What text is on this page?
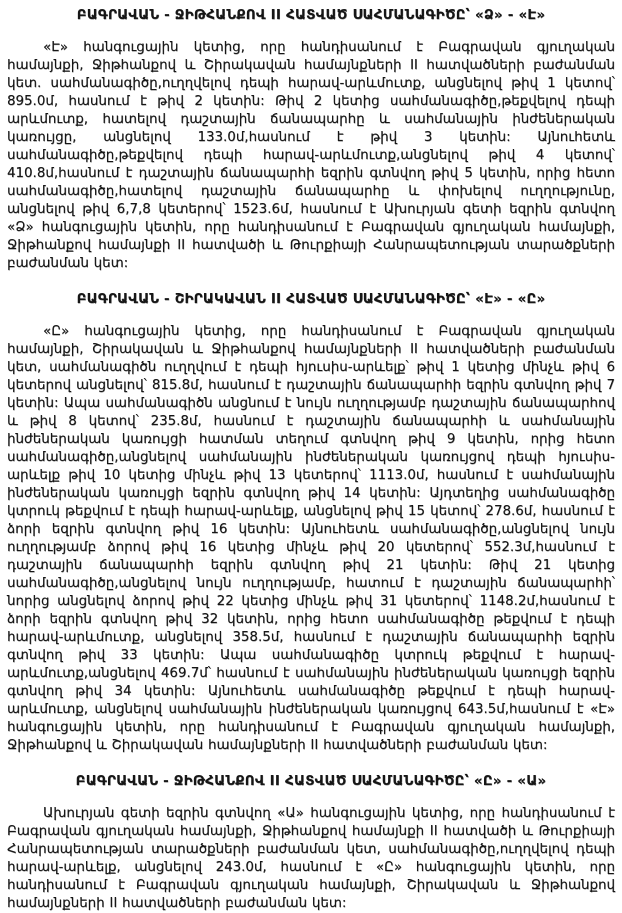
ԲԱԳՐԱՎԱՆ - ՋԻԹՀԱՆՔՈՎ II ՀԱՏՎԱԾ ՍԱՀՄԱՆԱԳԻԾԸ՝ «Ձ» - «Է»

«Է» հանգուցային կետից, որը հանդիսանում է Բագրավան գյուղական համայնքի, Ջիթհանքով և Շիրակավան համայնքների II հատվածների բաժանման կետ. սահմանագիծը,ուղղվելով դեպի հարավ-արևմուտք, անցնելով թիվ 1 կետով՝ 895.0մ, հասնում է թիվ 2 կետին: Թիվ 2 կետից սահմանագիծը,թեքվելով դեպի արևմուտք, հատելով դաշտային ճանապարհը և սահմանային ինժեներական կառույցը, անցնելով 133.0մ,հասնում է թիվ 3 կետին: Այնուհետև սահմանագիծը,թեքվելով դեպի հարավ-արևմուտք,անցնելով թիվ 4 կետով՝ 410.8մ,հասնում է դաշտային ճանապարհի եզրին գտնվող թիվ 5 կետին, որից հետո սահմանագիծը,հատելով դաշտային ճանապարհը և փոխելով ուղղությունը, անցնելով թիվ 6,7,8 կետերով՝ 1523.6մ, հասնում է Ախուրյան գետի եզրին գտնվող «Ձ» հանգուցային կետին, որը հանդիսանում է Բագրավան գյուղական համայնքի, Ջիթհանքով համայնքի II հատվածի և Թուրքիայի Հանրապետության տարածքների բաժանման կետ:

ԲԱԳՐԱՎԱՆ - ՇԻՐԱԿԱՎԱՆ II ՀԱՏՎԱԾ ՍԱՀՄԱՆԱԳԻԾԸ՝ «Է» - «Ը»

«Ը» հանգուցային կետից, որը հանդիսանում է Բագրավան գյուղական համայնքի, Շիրակավան և Ջիթհանքով համայնքների II հատվածների բաժանման կետ, սահմանագիծն ուղղվում է դեպի հյուսիս-արևելք՝ թիվ 1 կետից մինչև թիվ 6 կետերով անցնելով՝ 815.8մ, հասնում է դաշտային ճանապարհի եզրին գտնվող թիվ 7 կետին: Ապա սահմանագիծն անցնում է նույն ուղղությամբ դաշտային ճանապարհով և թիվ 8 կետով՝ 235.8մ, հասնում է դաշտային ճանապարհի և սահմանային ինժեներական կառույցի հատման տեղում գտնվող թիվ 9 կետին, որից հետո սահմանագիծը,անցնելով սահմանային ինժեներական կառույցով դեպի հյուսիս-արևելք թիվ 10 կետից մինչև թիվ 13 կետերով՝ 1113.0մ, հասնում է սահմանային ինժեներական կառույցի եզրին գտնվող թիվ 14 կետին: Այդտեղից սահմանագիծը կտրուկ թեքվում է դեպի հարավ-արևելք, անցնելով թիվ 15 կետով՝ 278.6մ, հասնում է ձորի եզրին գտնվող թիվ 16 կետին: Այնուհետև սահմանագիծը,անցնելով նույն ուղղությամբ ձորով թիվ 16 կետից մինչև թիվ 20 կետերով՝ 552.3մ,հասնում է դաշտային ճանապարհի եզրին գտնվող թիվ 21 կետին: Թիվ 21 կետից սահմանագիծը,անցնելով նույն ուղղությամբ, հատում է դաշտային ճանապարհի՝ նորից անցնելով ձորով թիվ 22 կետից մինչև թիվ 31 կետերով՝ 1148.2մ,հասնում է ձորի եզրին գտնվող թիվ 32 կետին, որից հետո սահմանագիծը թեքվում է դեպի հարավ-արևմուտք, անցնելով 358.5մ, հասնում է դաշտային ճանապարհի եզրին գտնվող թիվ 33 կետին: Ապա սահմանագիծը կտրուկ թեքվում է հարավ-արևմուտք,անցնելով 469.7մ՝ հասնում է սահմանային ինժեներական կառույցի եզրին գտնվող թիվ 34 կետին: Այնուհետև սահմանագիծը թեքվում է դեպի հարավ-արևմուտք, անցնելով սահմանային ինժեներական կառույցով 643.5մ,հասնում է «Է» հանգուցային կետին, որը հանդիսանում է Բագրավան գյուղական համայնքի, Ջիթհանքով և Շիրակավան համայնքների II հատվածների բաժանման կետ:

ԲԱԳՐԱՎԱՆ - ՋԻԹՀԱՆՔՈՎ II ՀԱՏՎԱԾ ՍԱՀՄԱՆԱԳԻԾԸ՝ «Ը» - «Ա»

Ախուրյան գետի եզրին գտնվող «Ա» հանգուցային կետից, որը հանդիսանում է Բագրավան գյուղական համայնքի, Ջիթհանքով համայնքի II հատվածի և Թուրքիայի Հանրապետության տարածքների բաժանման կետ, սահմանագիծը,ուղղվելով դեպի հարավ-արևելք, անցնելով 243.0մ, հասնում է «Ը» հանգուցային կետին, որը հանդիսանում է Բագրավան գյուղական համայնքի, Շիրակավան և Ջիթհանքով համայնքների II հատվածների բաժանման կետ:
